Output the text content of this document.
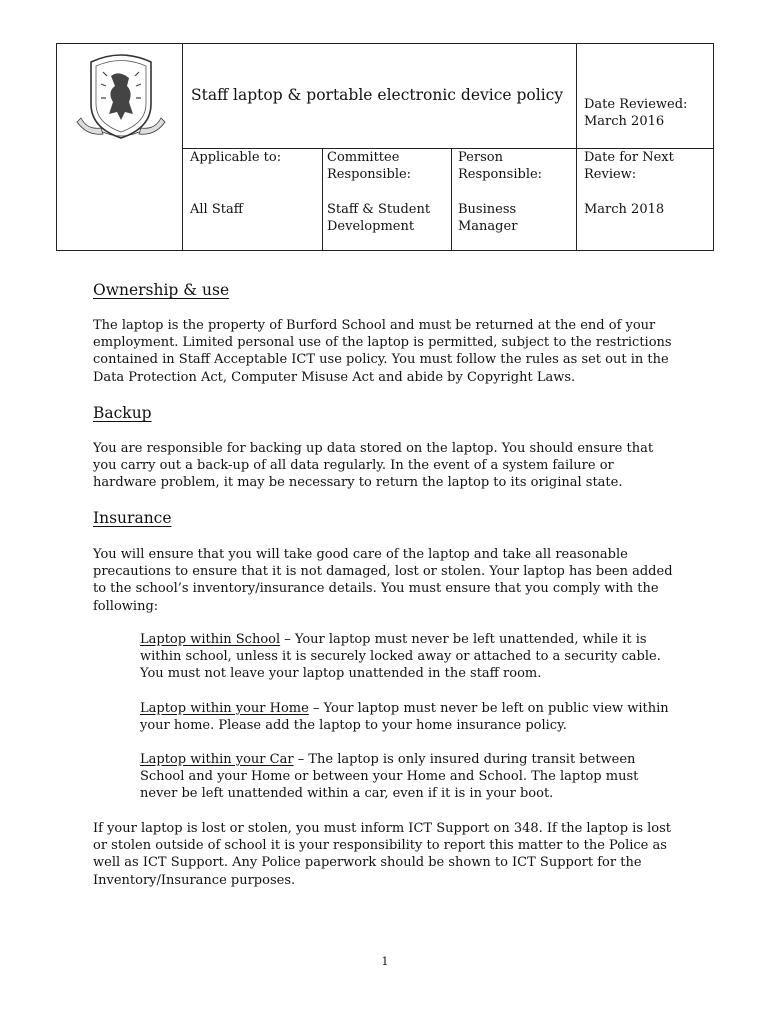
Staff laptop & portable electronic device policy
Date Reviewed:
March 2016
Applicable to:
All Staff
Committee
Responsible:
Staff & Student
Development
Person
Responsible:
Business
Manager
Date for Next
Review:
March 2018
Ownership & use
The laptop is the property of Burford School and must be returned at the end of your
employment. Limited personal use of the laptop is permitted, subject to the restrictions
contained in Staff Acceptable ICT use policy. You must follow the rules as set out in the
Data Protection Act, Computer Misuse Act and abide by Copyright Laws.
Backup
You are responsible for backing up data stored on the laptop. You should ensure that
you carry out a back-up of all data regularly. In the event of a system failure or
hardware problem, it may be necessary to return the laptop to its original state.
Insurance
You will ensure that you will take good care of the laptop and take all reasonable
precautions to ensure that it is not damaged, lost or stolen. Your laptop has been added
to the school’s inventory/insurance details. You must ensure that you comply with the
following:
Laptop within School – Your laptop must never be left unattended, while it is
within school, unless it is securely locked away or attached to a security cable.
You must not leave your laptop unattended in the staff room.
Laptop within your Home – Your laptop must never be left on public view within
your home. Please add the laptop to your home insurance policy.
Laptop within your Car – The laptop is only insured during transit between
School and your Home or between your Home and School. The laptop must
never be left unattended within a car, even if it is in your boot.
If your laptop is lost or stolen, you must inform ICT Support on 348. If the laptop is lost
or stolen outside of school it is your responsibility to report this matter to the Police as
well as ICT Support. Any Police paperwork should be shown to ICT Support for the
Inventory/Insurance purposes.
1
